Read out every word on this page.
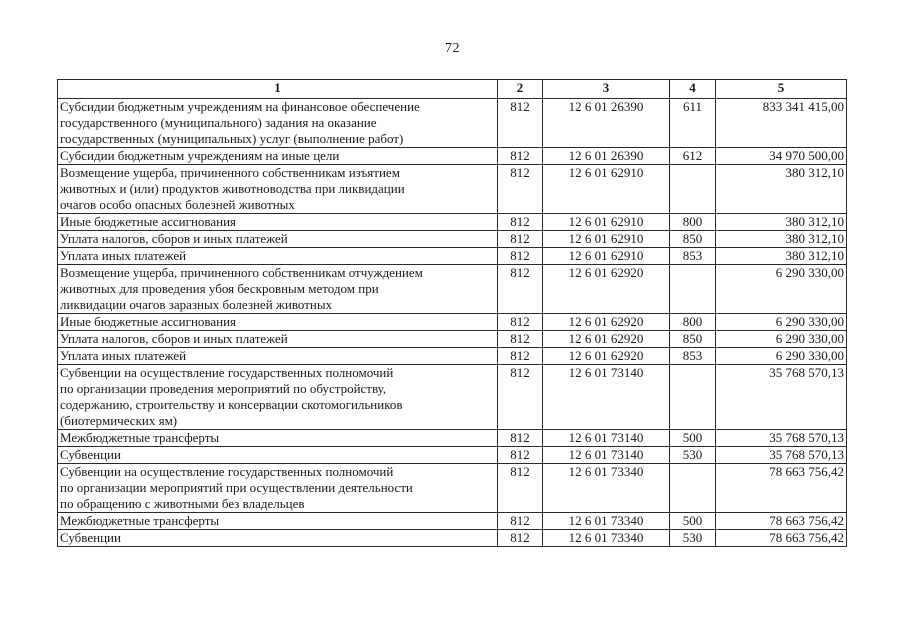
72
1	2	3	4	5
Субсидии бюджетным учреждениям на финансовое обеспечение
государственного (муниципального) задания на оказание
государственных (муниципальных) услуг (выполнение работ)	812	12 6 01 26390	611	833 341 415,00
Субсидии бюджетным учреждениям на иные цели	812	12 6 01 26390	612	34 970 500,00
Возмещение ущерба, причиненного собственникам изъятием
животных и (или) продуктов животноводства при ликвидации
очагов особо опасных болезней животных	812	12 6 01 62910		380 312,10
Иные бюджетные ассигнования	812	12 6 01 62910	800	380 312,10
Уплата налогов, сборов и иных платежей	812	12 6 01 62910	850	380 312,10
Уплата иных платежей	812	12 6 01 62910	853	380 312,10
Возмещение ущерба, причиненного собственникам отчуждением
животных для проведения убоя бескровным методом при
ликвидации очагов заразных болезней животных	812	12 6 01 62920		6 290 330,00
Иные бюджетные ассигнования	812	12 6 01 62920	800	6 290 330,00
Уплата налогов, сборов и иных платежей	812	12 6 01 62920	850	6 290 330,00
Уплата иных платежей	812	12 6 01 62920	853	6 290 330,00
Субвенции на осуществление государственных полномочий
по организации проведения мероприятий по обустройству,
содержанию, строительству и консервации скотомогильников
(биотермических ям)	812	12 6 01 73140		35 768 570,13
Межбюджетные трансферты	812	12 6 01 73140	500	35 768 570,13
Субвенции	812	12 6 01 73140	530	35 768 570,13
Субвенции на осуществление государственных полномочий
по организации мероприятий при осуществлении деятельности
по обращению с животными без владельцев	812	12 6 01 73340		78 663 756,42
Межбюджетные трансферты	812	12 6 01 73340	500	78 663 756,42
Субвенции	812	12 6 01 73340	530	78 663 756,42
